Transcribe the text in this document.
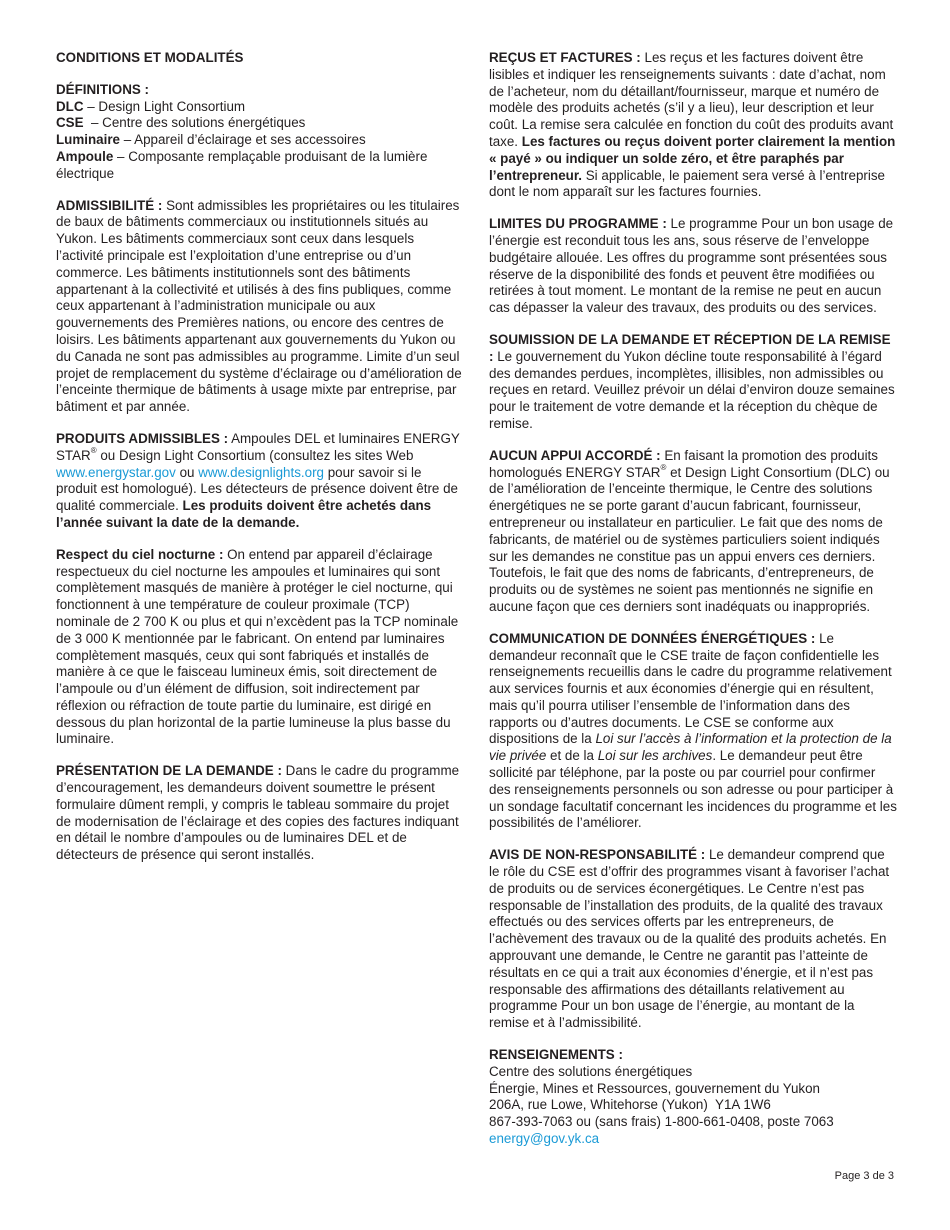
CONDITIONS ET MODALITÉS

DÉFINITIONS :

DLC – Design Light Consortium

CSE  – Centre des solutions énergétiques

Luminaire – Appareil d’éclairage et ses accessoires

Ampoule – Composante remplaçable produisant de la lumière électrique

ADMISSIBILITÉ : Sont admissibles les propriétaires ou les titulaires de baux de bâtiments commerciaux ou institutionnels situés au Yukon. Les bâtiments commerciaux sont ceux dans lesquels l’activité principale est l’exploitation d’une entreprise ou d’un commerce. Les bâtiments institutionnels sont des bâtiments appartenant à la collectivité et utilisés à des fins publiques, comme ceux appartenant à l’administration municipale ou aux gouvernements des Premières nations, ou encore des centres de loisirs. Les bâtiments appartenant aux gouvernements du Yukon ou du Canada ne sont pas admissibles au programme. Limite d’un seul projet de remplacement du système d’éclairage ou d’amélioration de l’enceinte thermique de bâtiments à usage mixte par entreprise, par bâtiment et par année.

PRODUITS ADMISSIBLES : Ampoules DEL et luminaires ENERGY STAR® ou Design Light Consortium (consultez les sites Web www.energystar.gov ou www.designlights.org pour savoir si le produit est homologué). Les détecteurs de présence doivent être de qualité commerciale. Les produits doivent être achetés dans l’année suivant la date de la demande.

Respect du ciel nocturne : On entend par appareil d’éclairage respectueux du ciel nocturne les ampoules et luminaires qui sont complètement masqués de manière à protéger le ciel nocturne, qui fonctionnent à une température de couleur proximale (TCP) nominale de 2 700 K ou plus et qui n’excèdent pas la TCP nominale de 3 000 K mentionnée par le fabricant. On entend par luminaires complètement masqués, ceux qui sont fabriqués et installés de manière à ce que le faisceau lumineux émis, soit directement de l’ampoule ou d’un élément de diffusion, soit indirectement par réflexion ou réfraction de toute partie du luminaire, est dirigé en dessous du plan horizontal de la partie lumineuse la plus basse du luminaire.

PRÉSENTATION DE LA DEMANDE : Dans le cadre du programme d’encouragement, les demandeurs doivent soumettre le présent formulaire dûment rempli, y compris le tableau sommaire du projet de modernisation de l’éclairage et des copies des factures indiquant en détail le nombre d’ampoules ou de luminaires DEL et de détecteurs de présence qui seront installés.

REÇUS ET FACTURES : Les reçus et les factures doivent être lisibles et indiquer les renseignements suivants : date d’achat, nom de l’acheteur, nom du détaillant/fournisseur, marque et numéro de modèle des produits achetés (s’il y a lieu), leur description et leur coût. La remise sera calculée en fonction du coût des produits avant taxe. Les factures ou reçus doivent porter clairement la mention « payé » ou indiquer un solde zéro, et être paraphés par l’entrepreneur. Si applicable, le paiement sera versé à l’entreprise dont le nom apparaît sur les factures fournies.

LIMITES DU PROGRAMME : Le programme Pour un bon usage de l’énergie est reconduit tous les ans, sous réserve de l’enveloppe budgétaire allouée. Les offres du programme sont présentées sous réserve de la disponibilité des fonds et peuvent être modifiées ou retirées à tout moment. Le montant de la remise ne peut en aucun cas dépasser la valeur des travaux, des produits ou des services.

SOUMISSION DE LA DEMANDE ET RÉCEPTION DE LA REMISE : Le gouvernement du Yukon décline toute responsabilité à l’égard des demandes perdues, incomplètes, illisibles, non admissibles ou reçues en retard. Veuillez prévoir un délai d’environ douze semaines pour le traitement de votre demande et la réception du chèque de remise.

AUCUN APPUI ACCORDÉ : En faisant la promotion des produits homologués ENERGY STAR® et Design Light Consortium (DLC) ou de l’amélioration de l’enceinte thermique, le Centre des solutions énergétiques ne se porte garant d’aucun fabricant, fournisseur, entrepreneur ou installateur en particulier. Le fait que des noms de fabricants, de matériel ou de systèmes particuliers soient indiqués sur les demandes ne constitue pas un appui envers ces derniers. Toutefois, le fait que des noms de fabricants, d’entrepreneurs, de produits ou de systèmes ne soient pas mentionnés ne signifie en aucune façon que ces derniers sont inadéquats ou inappropriés.

COMMUNICATION DE DONNÉES ÉNERGÉTIQUES : Le demandeur reconnaît que le CSE traite de façon confidentielle les renseignements recueillis dans le cadre du programme relativement aux services fournis et aux économies d’énergie qui en résultent, mais qu’il pourra utiliser l’ensemble de l’information dans des rapports ou d’autres documents. Le CSE se conforme aux dispositions de la Loi sur l’accès à l’information et la protection de la vie privée et de la Loi sur les archives. Le demandeur peut être sollicité par téléphone, par la poste ou par courriel pour confirmer des renseignements personnels ou son adresse ou pour participer à un sondage facultatif concernant les incidences du programme et les possibilités de l’améliorer.

AVIS DE NON-RESPONSABILITÉ : Le demandeur comprend que le rôle du CSE est d’offrir des programmes visant à favoriser l’achat de produits ou de services éconergétiques. Le Centre n’est pas responsable de l’installation des produits, de la qualité des travaux effectués ou des services offerts par les entrepreneurs, de l’achèvement des travaux ou de la qualité des produits achetés. En approuvant une demande, le Centre ne garantit pas l’atteinte de résultats en ce qui a trait aux économies d’énergie, et il n’est pas responsable des affirmations des détaillants relativement au programme Pour un bon usage de l’énergie, au montant de la remise et à l’admissibilité.

RENSEIGNEMENTS :
Centre des solutions énergétiques
Énergie, Mines et Ressources, gouvernement du Yukon
206A, rue Lowe, Whitehorse (Yukon)  Y1A 1W6
867-393-7063 ou (sans frais) 1-800-661-0408, poste 7063
energy@gov.yk.ca
Page 3 de 3
